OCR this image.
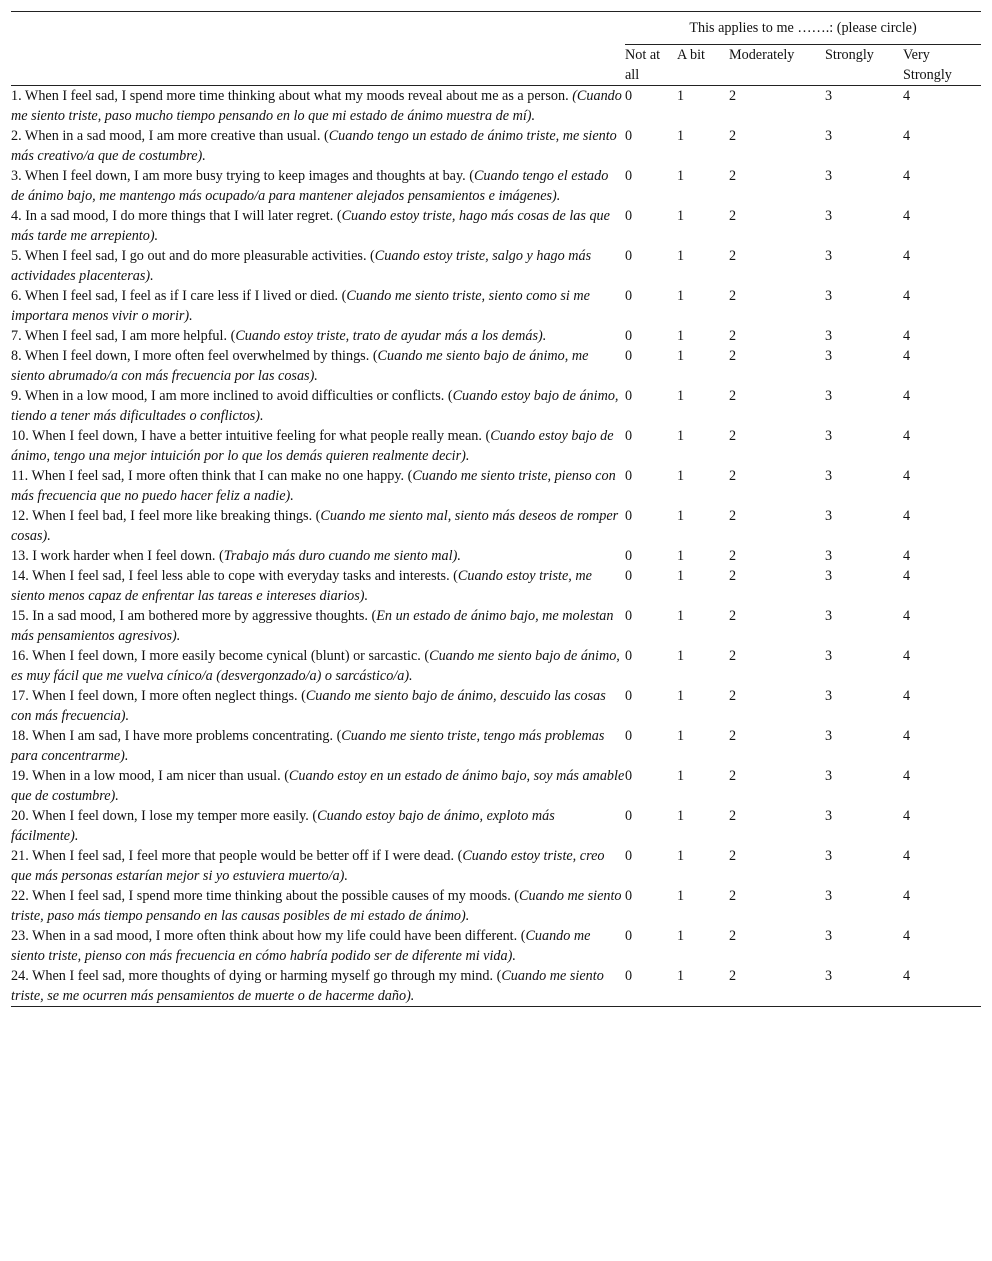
	This applies to me …….: (please circle)				
	Not at all	A bit	Moderately	Strongly	Very Strongly
1. When I feel sad, I spend more time thinking about what my moods reveal about me as a person. (Cuando me siento triste, paso mucho tiempo pensando en lo que mi estado de ánimo muestra de mí).	0	1	2	3	4
2. When in a sad mood, I am more creative than usual. (Cuando tengo un estado de ánimo triste, me siento más creativo/a que de costumbre).	0	1	2	3	4
3. When I feel down, I am more busy trying to keep images and thoughts at bay. (Cuando tengo el estado de ánimo bajo, me mantengo más ocupado/a para mantener alejados pensamientos e imágenes).	0	1	2	3	4
4. In a sad mood, I do more things that I will later regret. (Cuando estoy triste, hago más cosas de las que más tarde me arrepiento).	0	1	2	3	4
5. When I feel sad, I go out and do more pleasurable activities. (Cuando estoy triste, salgo y hago más actividades placenteras).	0	1	2	3	4
6. When I feel sad, I feel as if I care less if I lived or died. (Cuando me siento triste, siento como si me importara menos vivir o morir).	0	1	2	3	4
7. When I feel sad, I am more helpful. (Cuando estoy triste, trato de ayudar más a los demás).	0	1	2	3	4
8. When I feel down, I more often feel overwhelmed by things. (Cuando me siento bajo de ánimo, me siento abrumado/a con más frecuencia por las cosas).	0	1	2	3	4
9. When in a low mood, I am more inclined to avoid difficulties or conflicts. (Cuando estoy bajo de ánimo, tiendo a tener más dificultades o conflictos).	0	1	2	3	4
10. When I feel down, I have a better intuitive feeling for what people really mean. (Cuando estoy bajo de ánimo, tengo una mejor intuición por lo que los demás quieren realmente decir).	0	1	2	3	4
11. When I feel sad, I more often think that I can make no one happy. (Cuando me siento triste, pienso con más frecuencia que no puedo hacer feliz a nadie).	0	1	2	3	4
12. When I feel bad, I feel more like breaking things. (Cuando me siento mal, siento más deseos de romper cosas).	0	1	2	3	4
13. I work harder when I feel down. (Trabajo más duro cuando me siento mal).	0	1	2	3	4
14. When I feel sad, I feel less able to cope with everyday tasks and interests. (Cuando estoy triste, me siento menos capaz de enfrentar las tareas e intereses diarios).	0	1	2	3	4
15. In a sad mood, I am bothered more by aggressive thoughts. (En un estado de ánimo bajo, me molestan más pensamientos agresivos).	0	1	2	3	4
16. When I feel down, I more easily become cynical (blunt) or sarcastic. (Cuando me siento bajo de ánimo, es muy fácil que me vuelva cínico/a (desvergonzado/a) o sarcástico/a).	0	1	2	3	4
17. When I feel down, I more often neglect things. (Cuando me siento bajo de ánimo, descuido las cosas con más frecuencia).	0	1	2	3	4
18. When I am sad, I have more problems concentrating. (Cuando me siento triste, tengo más problemas para concentrarme).	0	1	2	3	4
19. When in a low mood, I am nicer than usual. (Cuando estoy en un estado de ánimo bajo, soy más amable que de costumbre).	0	1	2	3	4
20. When I feel down, I lose my temper more easily. (Cuando estoy bajo de ánimo, exploto más fácilmente).	0	1	2	3	4
21. When I feel sad, I feel more that people would be better off if I were dead. (Cuando estoy triste, creo que más personas estarían mejor si yo estuviera muerto/a).	0	1	2	3	4
22. When I feel sad, I spend more time thinking about the possible causes of my moods. (Cuando me siento triste, paso más tiempo pensando en las causas posibles de mi estado de ánimo).	0	1	2	3	4
23. When in a sad mood, I more often think about how my life could have been different. (Cuando me siento triste, pienso con más frecuencia en cómo habría podido ser de diferente mi vida).	0	1	2	3	4
24. When I feel sad, more thoughts of dying or harming myself go through my mind. (Cuando me siento triste, se me ocurren más pensamientos de muerte o de hacerme daño).	0	1	2	3	4
